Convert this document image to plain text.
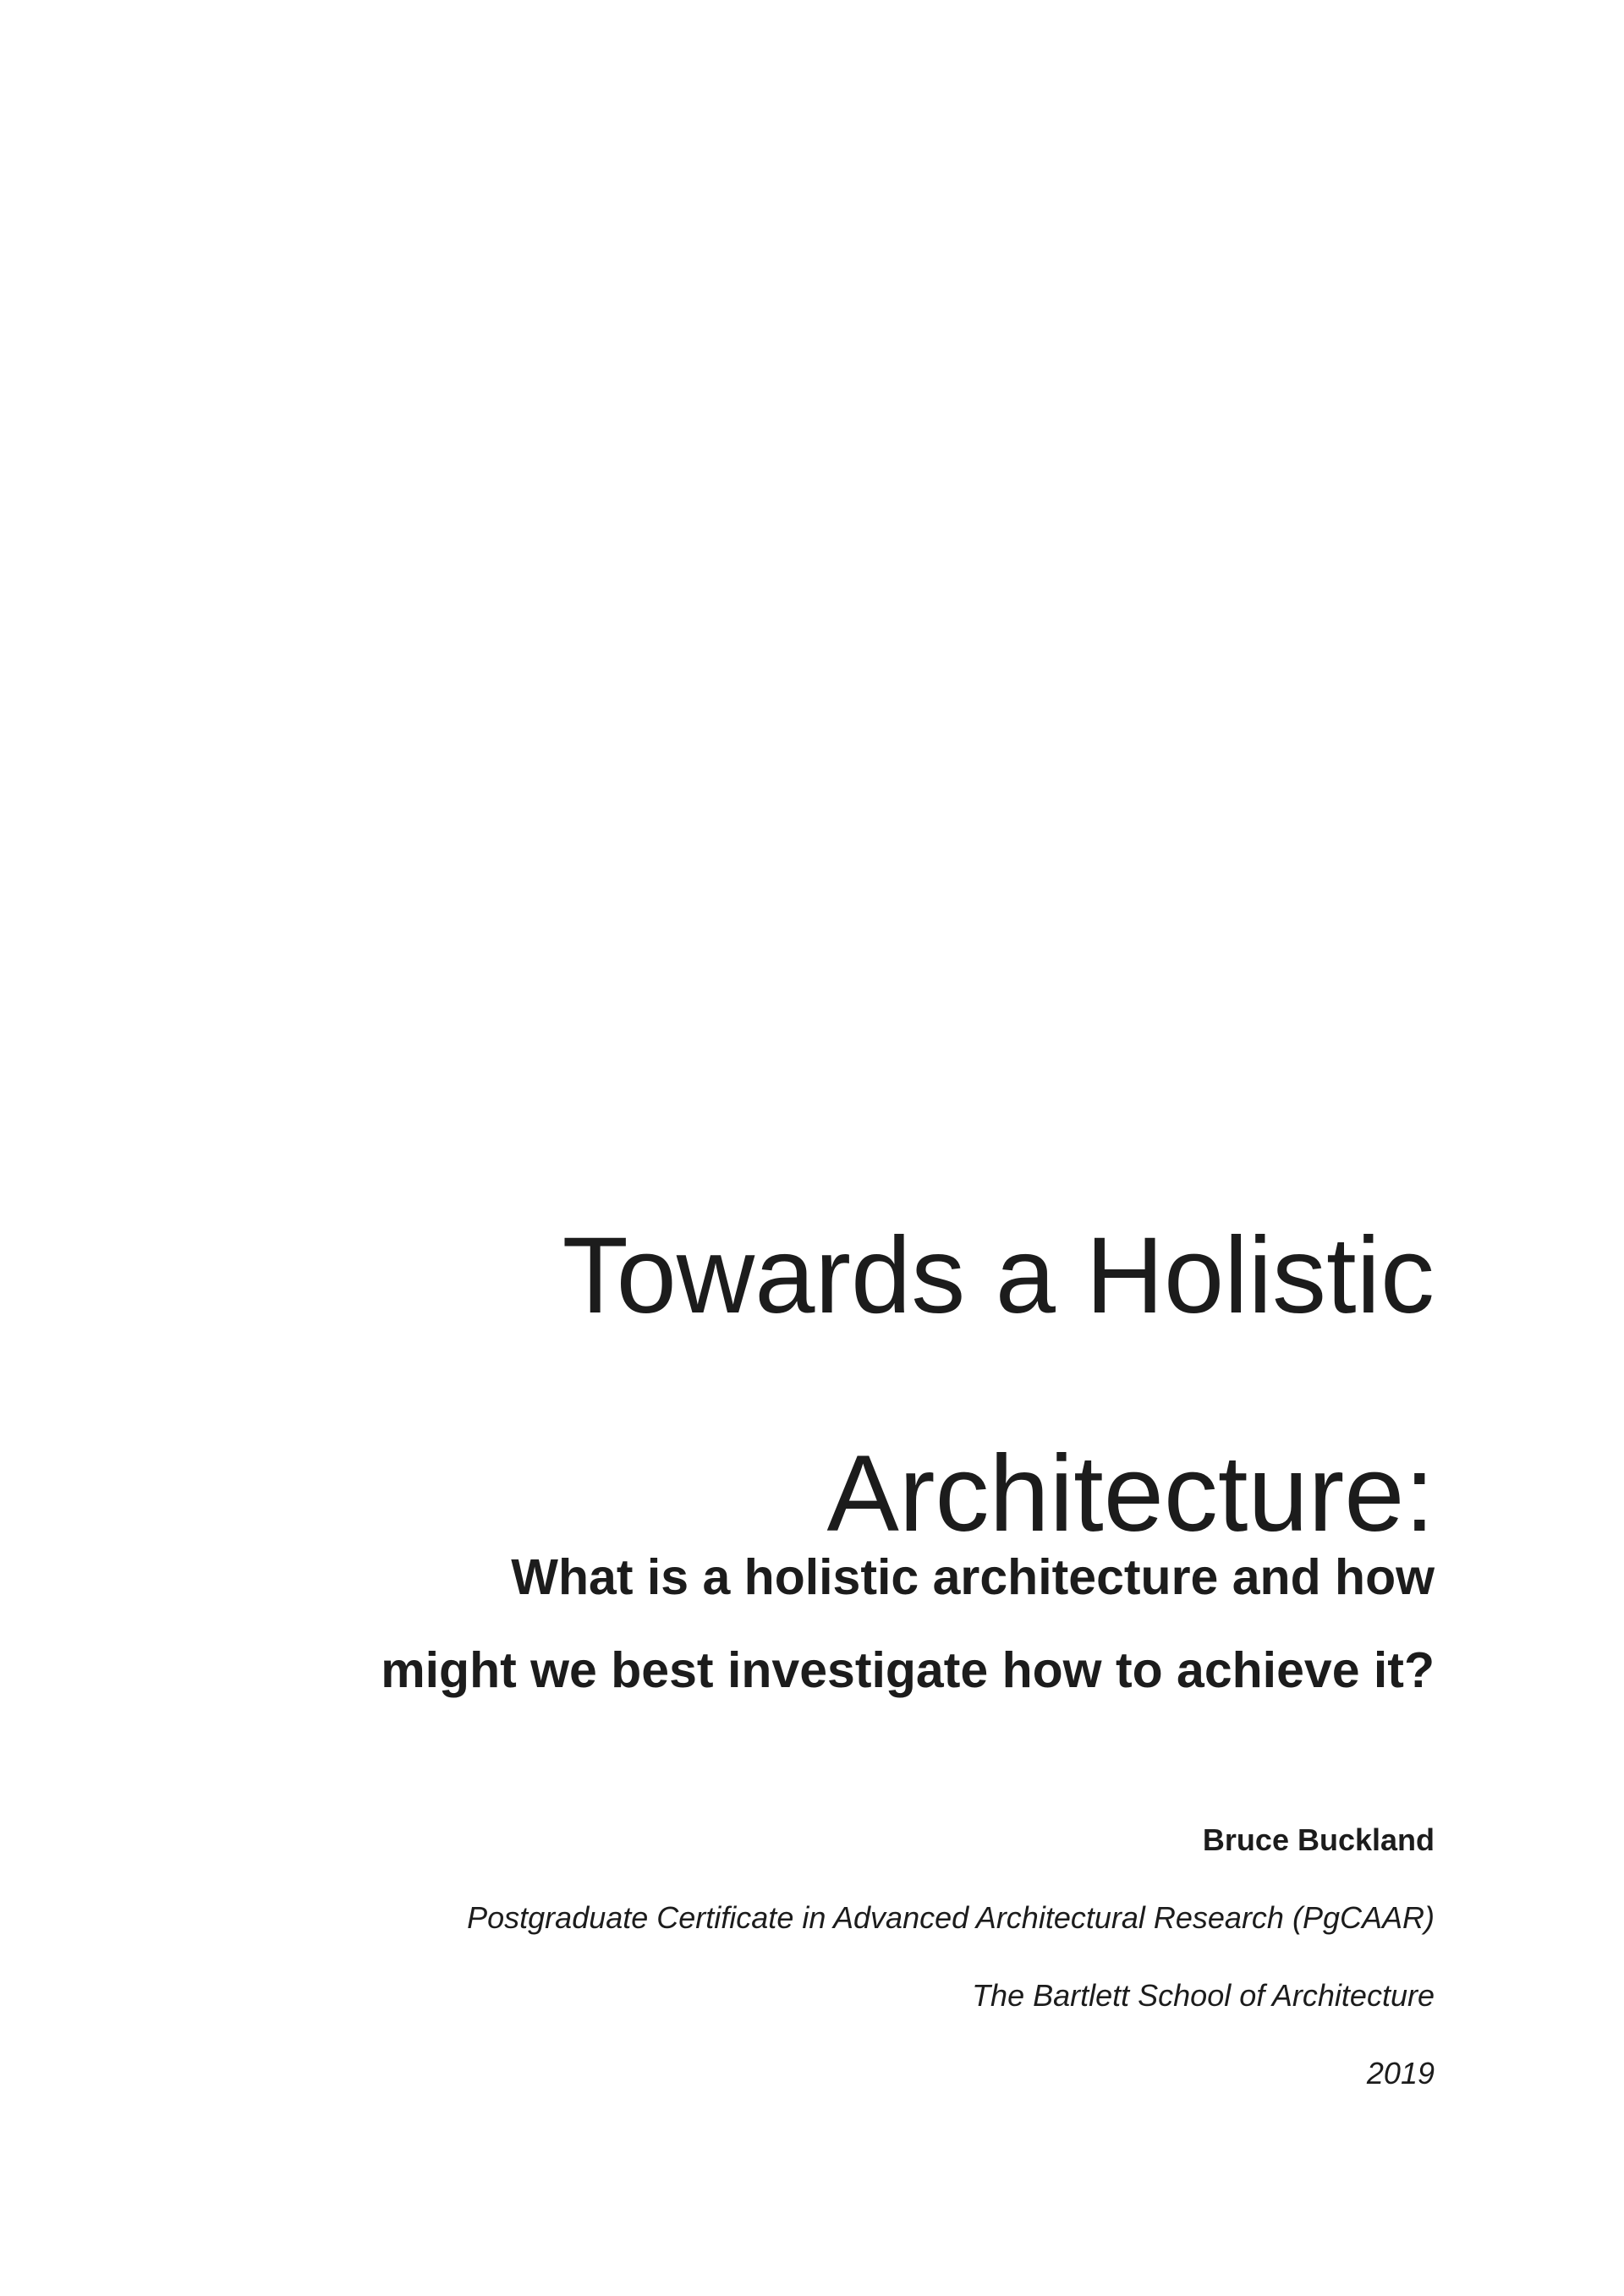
Towards a Holistic
Architecture:
What is a holistic architecture and how
might we best investigate how to achieve it?
Bruce Buckland
Postgraduate Certificate in Advanced Architectural Research (PgCAAR)
The Bartlett School of Architecture
2019
